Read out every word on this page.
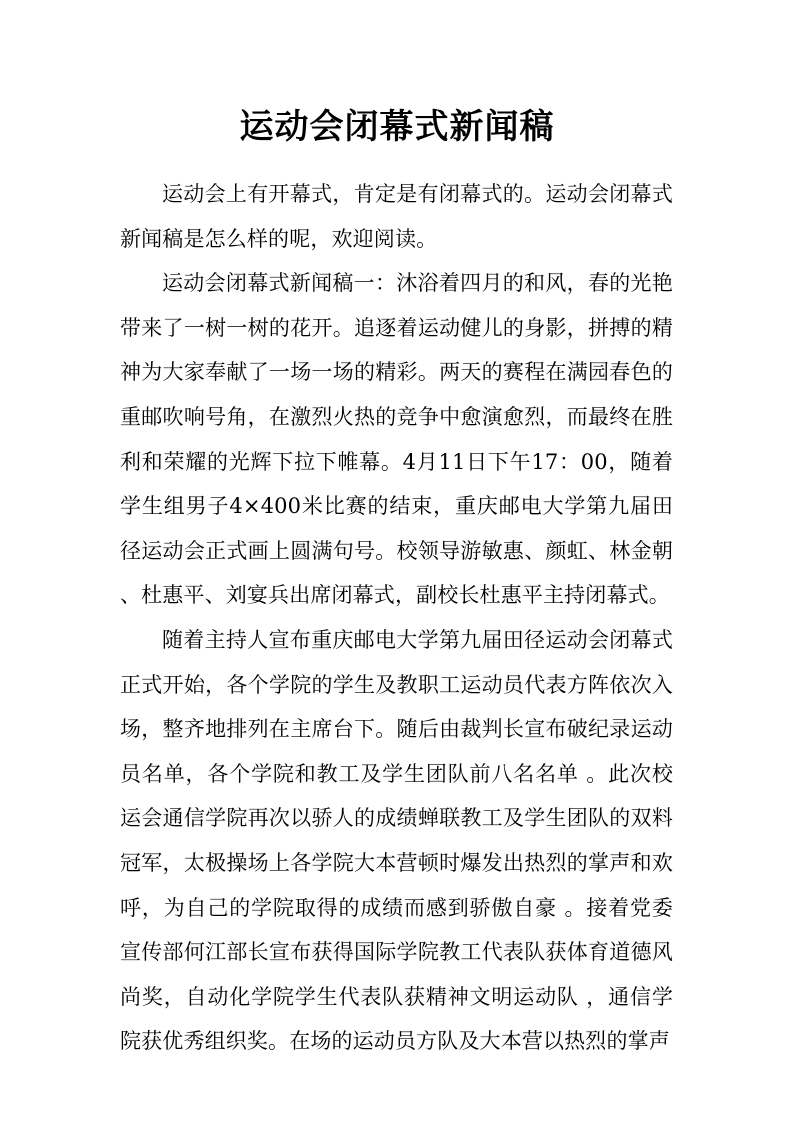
运动会闭幕式新闻稿

运动会上有开幕式，肯定是有闭幕式的。运动会闭幕式新闻稿是怎么样的呢，欢迎阅读。

运动会闭幕式新闻稿一：沐浴着四月的和风，春的光艳带来了一树一树的花开。追逐着运动健儿的身影，拼搏的精神为大家奉献了一场一场的精彩。两天的赛程在满园春色的重邮吹响号角，在激烈火热的竞争中愈演愈烈，而最终在胜利和荣耀的光辉下拉下帷幕。4月11日下午17：00，随着学生组男子4×400米比赛的结束，重庆邮电大学第九届田径运动会正式画上圆满句号。校领导游敏惠、颜虹、林金朝、杜惠平、刘宴兵出席闭幕式，副校长杜惠平主持闭幕式。

随着主持人宣布重庆邮电大学第九届田径运动会闭幕式正式开始，各个学院的学生及教职工运动员代表方阵依次入场，整齐地排列在主席台下。随后由裁判长宣布破纪录运动员名单，各个学院和教工及学生团队前八名名单 。此次校运会通信学院再次以骄人的成绩蝉联教工及学生团队的双料冠军，太极操场上各学院大本营顿时爆发出热烈的掌声和欢呼，为自己的学院取得的成绩而感到骄傲自豪 。接着党委宣传部何江部长宣布获得国际学院教工代表队获体育道德风尚奖，自动化学院学生代表队获精神文明运动队 ，通信学院获优秀组织奖。在场的运动员方队及大本营以热烈的掌声
